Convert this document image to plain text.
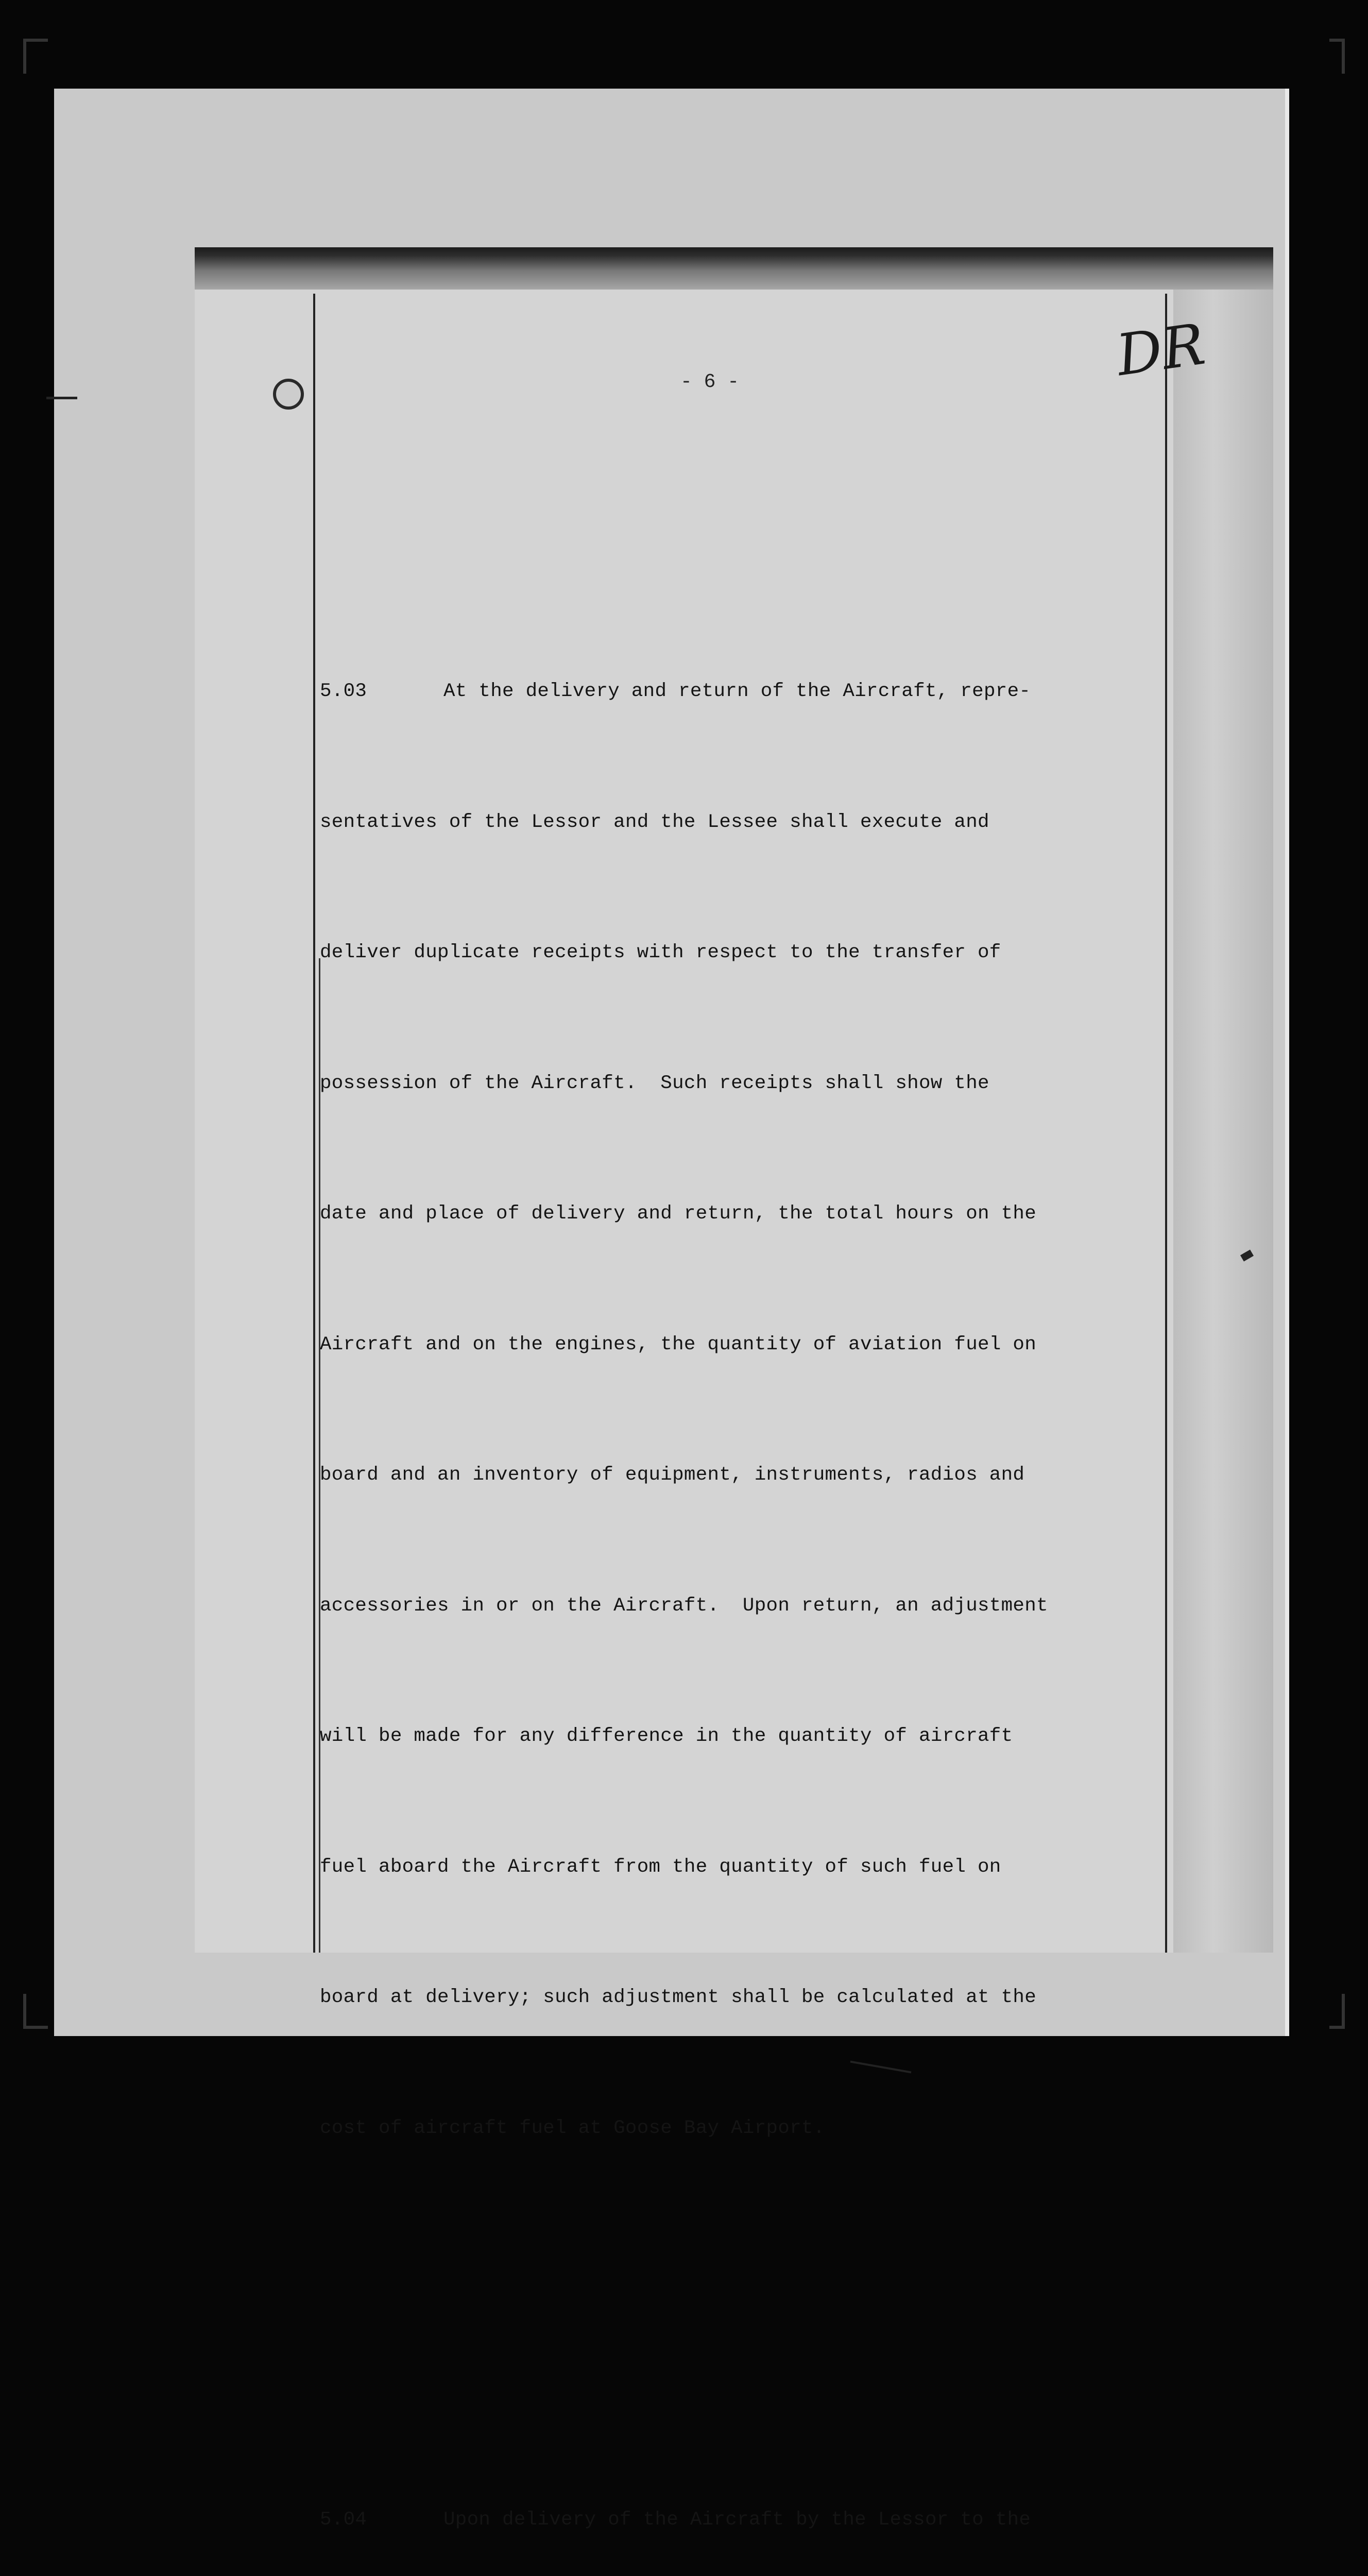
DR
- 6 -

5.03	At the delivery and return of the Aircraft, repre-

sentatives of the Lessor and the Lessee shall execute and

deliver duplicate receipts with respect to the transfer of

possession of the Aircraft.  Such receipts shall show the

date and place of delivery and return, the total hours on the

Aircraft and on the engines, the quantity of aviation fuel on

board and an inventory of equipment, instruments, radios and

accessories in or on the Aircraft.  Upon return, an adjustment

will be made for any difference in the quantity of aircraft

fuel aboard the Aircraft from the quantity of such fuel on

board at delivery; such adjustment shall be calculated at the

cost of aircraft fuel at Goose Bay Airport.

5.04	Upon delivery of the Aircraft by the Lessor to the
